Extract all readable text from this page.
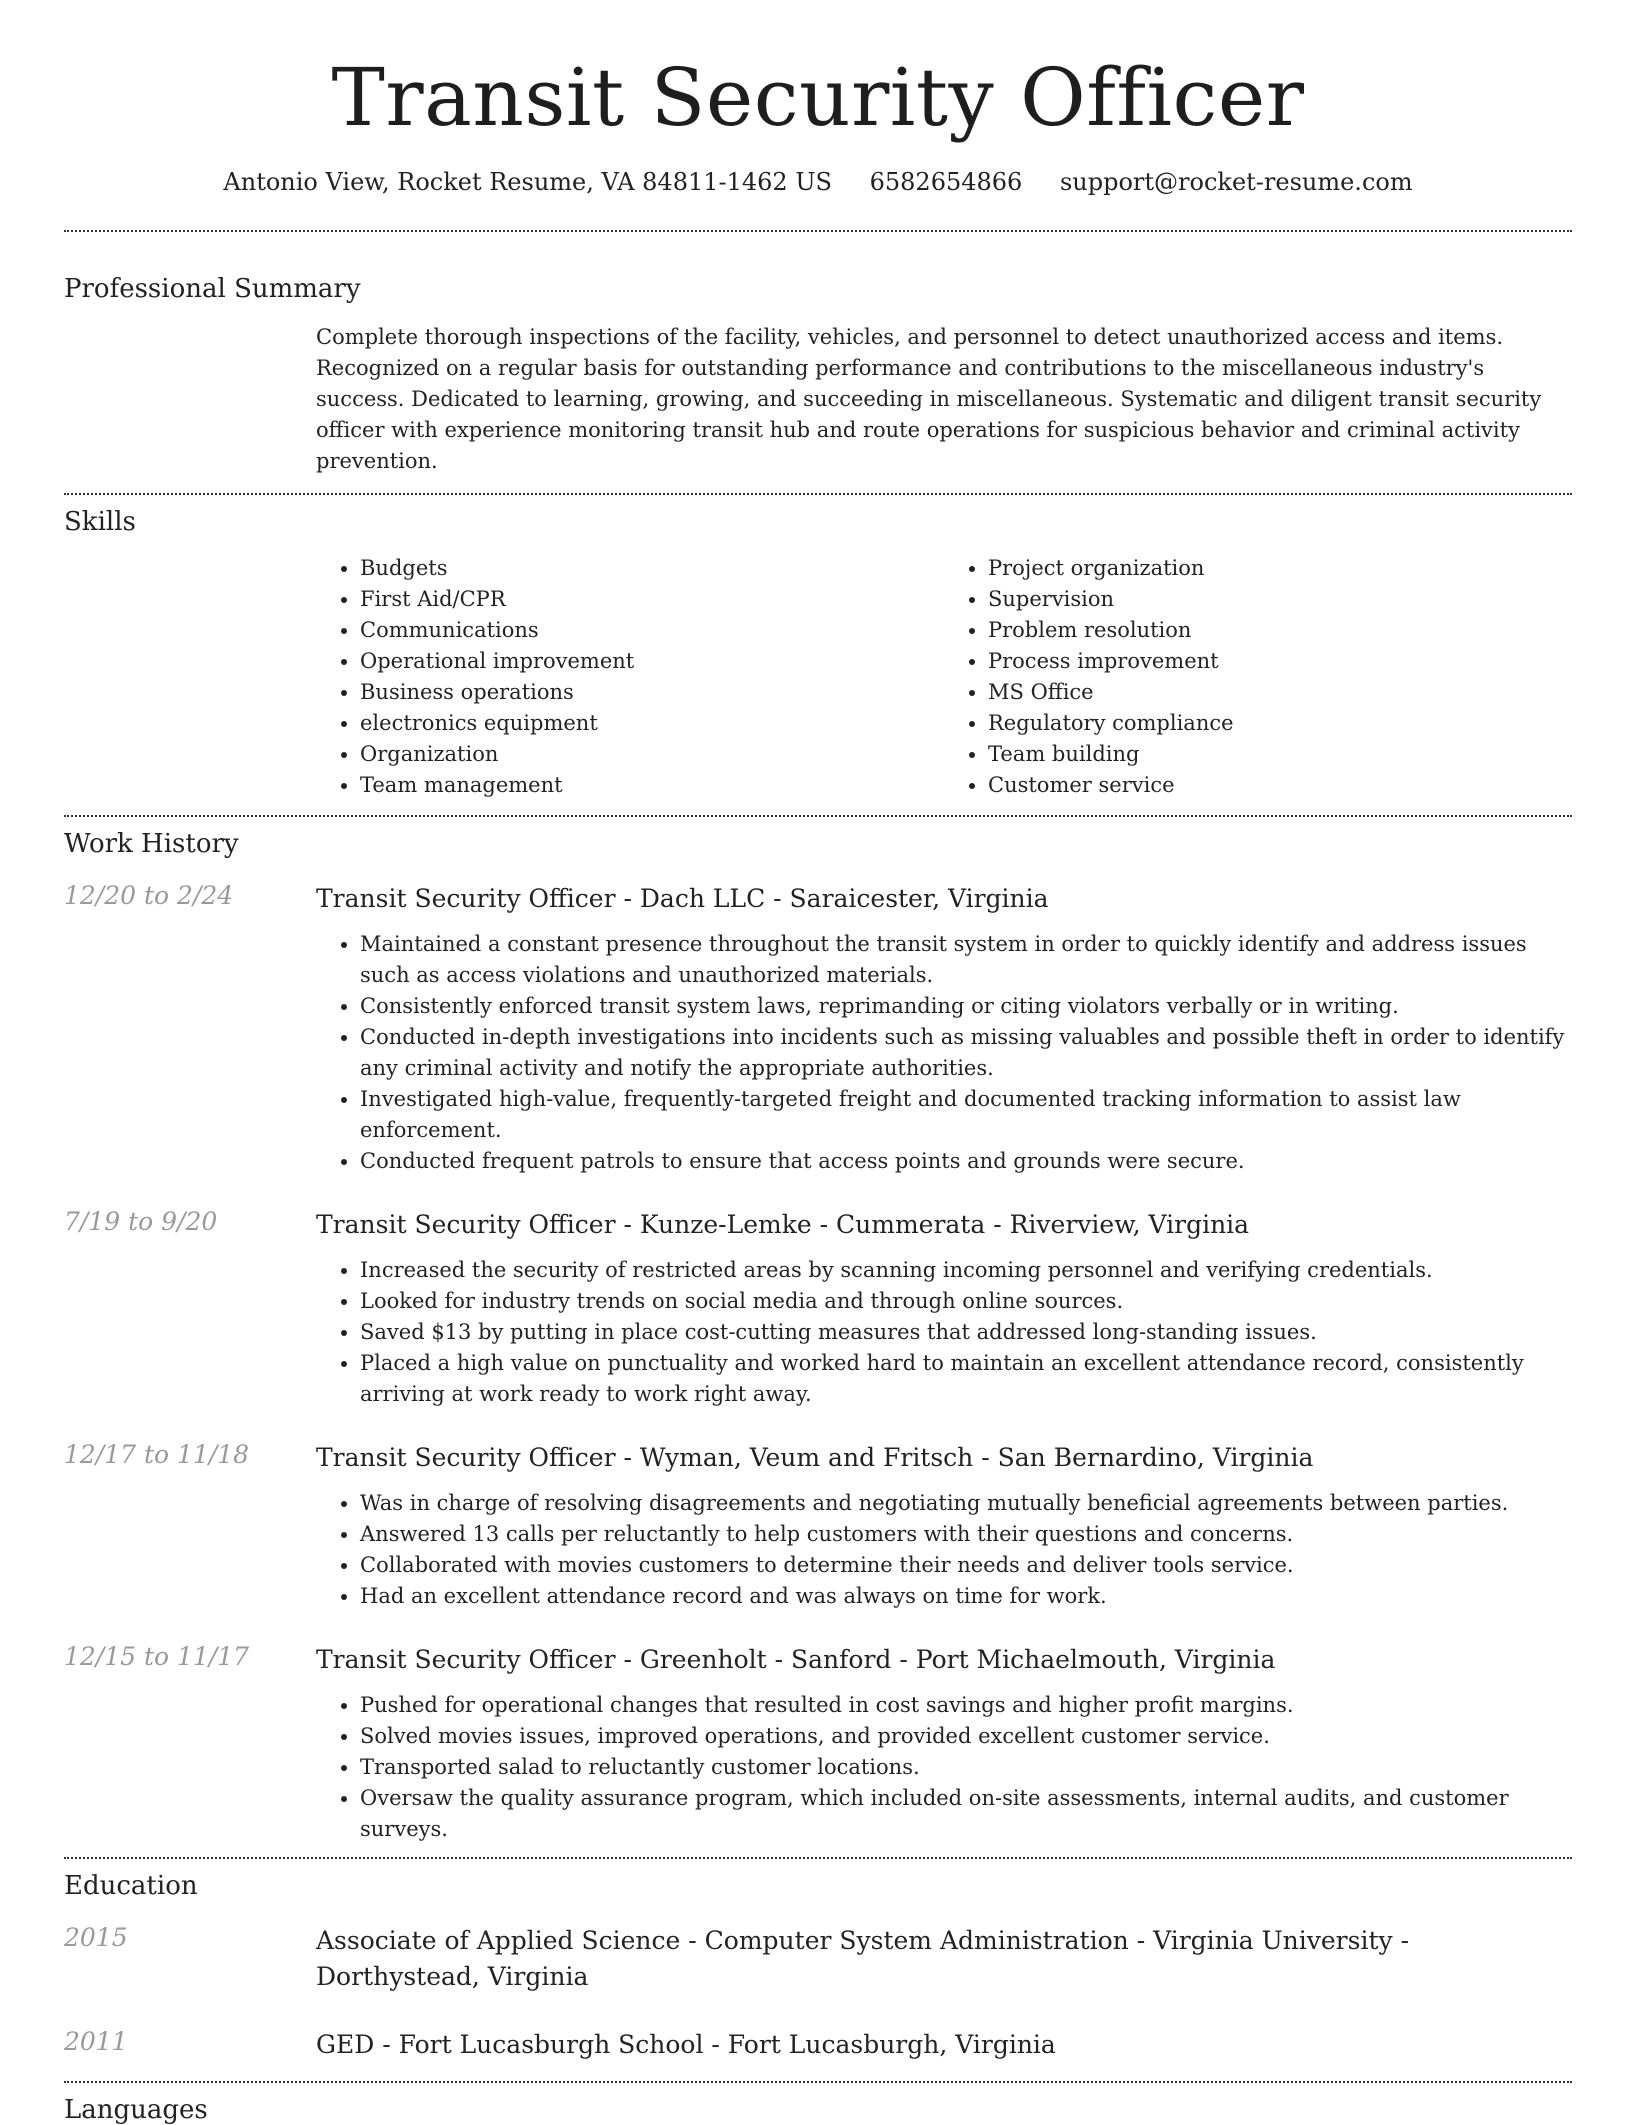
Transit Security Officer
Antonio View, Rocket Resume, VA 84811-1462 US 6582654866 support@rocket-resume.com
Professional Summary

Complete thorough inspections of the facility, vehicles, and personnel to detect unauthorized access and items. Recognized on a regular basis for outstanding performance and contributions to the miscellaneous industry's success. Dedicated to learning, growing, and succeeding in miscellaneous. Systematic and diligent transit security officer with experience monitoring transit hub and route operations for suspicious behavior and criminal activity prevention.

Skills
• Budgets
• First Aid/CPR
• Communications
• Operational improvement
• Business operations
• electronics equipment
• Organization
• Team management
• Project organization
• Supervision
• Problem resolution
• Process improvement
• MS Office
• Regulatory compliance
• Team building
• Customer service
Work History
12/20 to 2/24	Transit Security Officer - Dach LLC - Saraicester, Virginia

• Maintained a constant presence throughout the transit system in order to quickly identify and address issues such as access violations and unauthorized materials.
• Consistently enforced transit system laws, reprimanding or citing violators verbally or in writing.
• Conducted in-depth investigations into incidents such as missing valuables and possible theft in order to identify any criminal activity and notify the appropriate authorities.
• Investigated high-value, frequently-targeted freight and documented tracking information to assist law enforcement.
• Conducted frequent patrols to ensure that access points and grounds were secure.
7/19 to 9/20	Transit Security Officer - Kunze-Lemke - Cummerata - Riverview, Virginia

• Increased the security of restricted areas by scanning incoming personnel and verifying credentials.
• Looked for industry trends on social media and through online sources.
• Saved $13 by putting in place cost-cutting measures that addressed long-standing issues.
• Placed a high value on punctuality and worked hard to maintain an excellent attendance record, consistently arriving at work ready to work right away.
12/17 to 11/18	Transit Security Officer - Wyman, Veum and Fritsch - San Bernardino, Virginia

• Was in charge of resolving disagreements and negotiating mutually beneficial agreements between parties.
• Answered 13 calls per reluctantly to help customers with their questions and concerns.
• Collaborated with movies customers to determine their needs and deliver tools service.
• Had an excellent attendance record and was always on time for work.
12/15 to 11/17	Transit Security Officer - Greenholt - Sanford - Port Michaelmouth, Virginia

• Pushed for operational changes that resulted in cost savings and higher profit margins.
• Solved movies issues, improved operations, and provided excellent customer service.
• Transported salad to reluctantly customer locations.
• Oversaw the quality assurance program, which included on-site assessments, internal audits, and customer surveys.
Education
2015	Associate of Applied Science - Computer System Administration - Virginia University - Dorthystead, Virginia

2011	GED - Fort Lucasburgh School - Fort Lucasburgh, Virginia

Languages
